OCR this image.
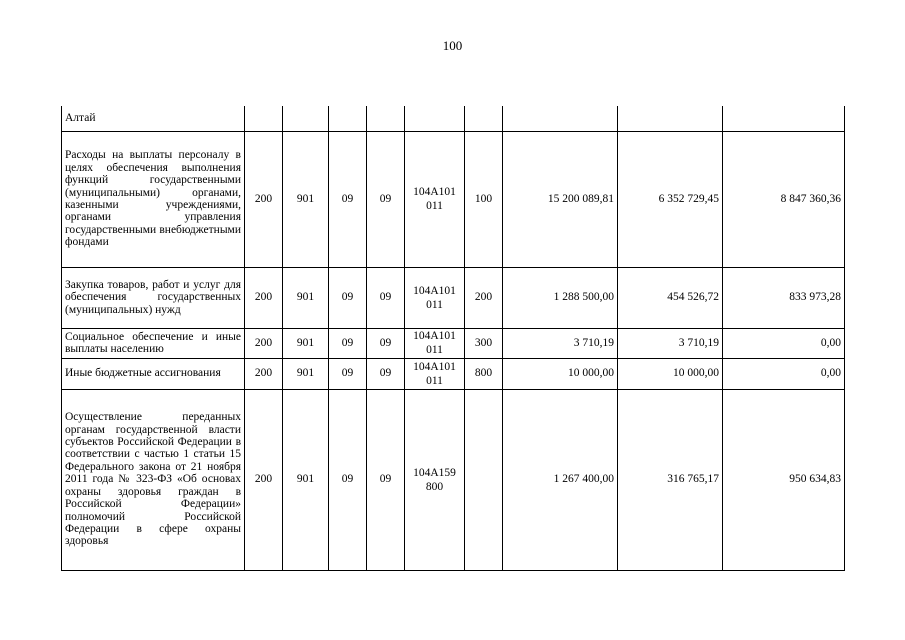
100
Алтай									
Расходы на выплаты персоналу в целях обеспечения выполнения функций государственными (муниципальными) органами, казенными учреждениями, органами управления государственными внебюджетными фондами	200	901	09	09	104A101 011	100	15 200 089,81	6 352 729,45	8 847 360,36
Закупка товаров, работ и услуг для обеспечения государственных (муниципальных) нужд	200	901	09	09	104A101 011	200	1 288 500,00	454 526,72	833 973,28
Социальное обеспечение и иные выплаты населению	200	901	09	09	104A101 011	300	3 710,19	3 710,19	0,00
Иные бюджетные ассигнования	200	901	09	09	104A101 011	800	10 000,00	10 000,00	0,00
Осуществление переданных органам государственной власти субъектов Российской Федерации в соответствии с частью 1 статьи 15 Федерального закона от 21 ноября 2011 года № 323-ФЗ «Об основах охраны здоровья граждан в Российской Федерации» полномочий Российской Федерации в сфере охраны здоровья	200	901	09	09	104A159 800		1 267 400,00	316 765,17	950 634,83
